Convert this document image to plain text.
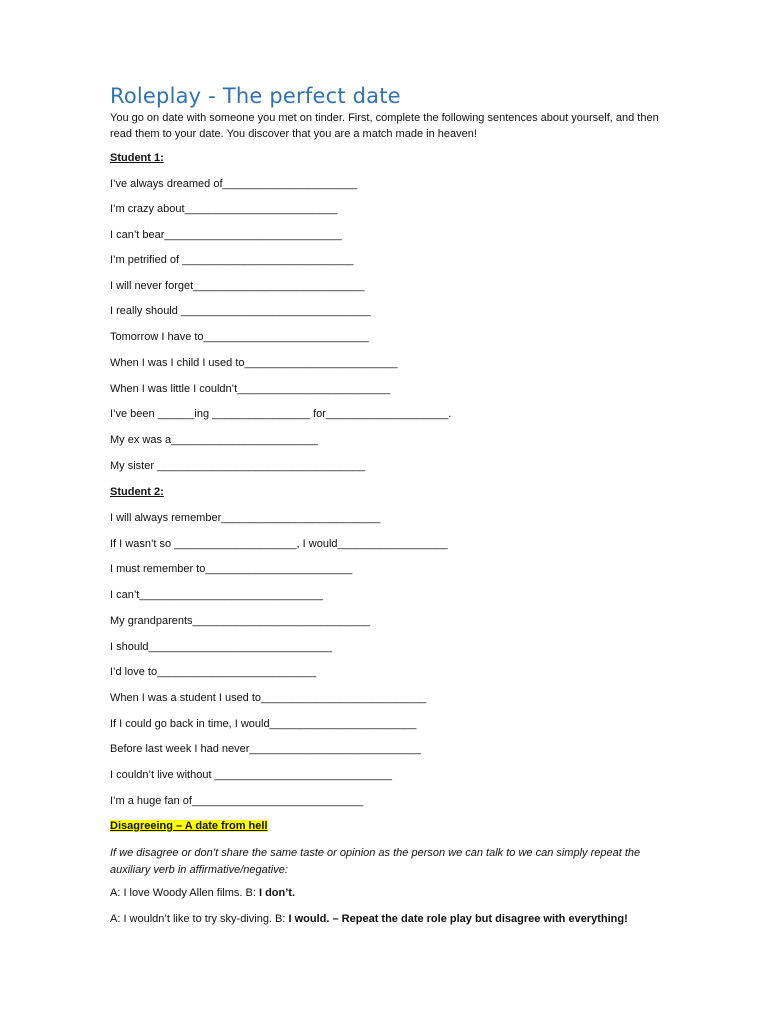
Roleplay - The perfect date

You go on date with someone you met on tinder. First, complete the following sentences about yourself, and then read them to your date. You discover that you are a match made in heaven!

Student 1:

I’ve always dreamed of______________________

I’m crazy about_________________________

I can’t bear_____________________________

I’m petrified of ____________________________

I will never forget____________________________

I really should _______________________________

Tomorrow I have to___________________________

When I was I child I used to_________________________

When I was little I couldn’t_________________________

I’ve been ______ing ________________ for____________________.

My ex was a________________________

My sister __________________________________

Student 2:

I will always remember__________________________

If I wasn’t so ____________________, I would__________________

I must remember to________________________

I can’t______________________________

My grandparents_____________________________

I should______________________________

I’d love to__________________________

When I was a student I used to___________________________

If I could go back in time, I would________________________

Before last week I had never____________________________

I couldn’t live without _____________________________

I’m a huge fan of____________________________

Disagreeing – A date from hell

If we disagree or don’t share the same taste or opinion as the person we can talk to we can simply repeat the auxiliary verb in affirmative/negative:

A: I love Woody Allen films. B: I don’t.

A: I wouldn’t like to try sky-diving. B: I would. – Repeat the date role play but disagree with everything!
